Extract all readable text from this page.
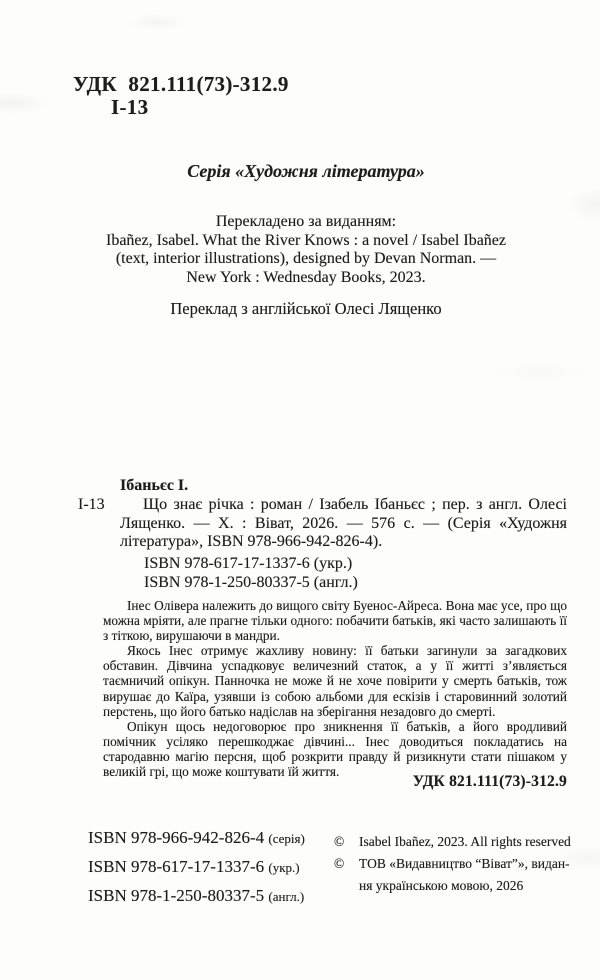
УДК 821.111(73)-312.9
І-13
Серія «Художня література»
Перекладено за виданням:
Ibañez, Isabel. What the River Knows : a novel / Isabel Ibañez
(text, interior illustrations), designed by Devan Norman. —
New York : Wednesday Books, 2023.
Переклад з англійської Олесі Лященко
Ібаньєс І.
І-13	Що знає річка : роман / Ізабель Ібаньєс ; пер. з англ. Олесі Лященко. — Х. : Віват, 2026. — 576 с. — (Серія «Художня література», ISBN 978-966-942-826-4).
ISBN 978-617-17-1337-6 (укр.)
ISBN 978-1-250-80337-5 (англ.)

Інес Олівера належить до вищого світу Буенос-Айреса. Вона має усе, про що можна мріяти, але прагне тільки одного: побачити батьків, які часто залишають її з тіткою, вирушаючи в мандри.

Якось Інес отримує жахливу новину: її батьки загинули за загадкових обставин. Дівчина успадковує величезний статок, а у її житті з’являється таємничий опікун. Панночка не може й не хоче повірити у смерть батьків, тож вирушає до Каїра, узявши із собою альбоми для ескізів і старовинний золотий перстень, що його батько надіслав на зберігання незадовго до смерті.

Опікун щось недоговорює про зникнення її батьків, а його вродливий помічник усіляко перешкоджає дівчині... Інес доводиться покладатись на стародавню магію персня, щоб розкрити правду й ризикнути стати пішаком у великій грі, що може коштувати їй життя.

УДК 821.111(73)-312.9
ISBN 978-966-942-826-4 (серія)
ISBN 978-617-17-1337-6 (укр.)
ISBN 978-1-250-80337-5 (англ.)
©	Isabel Ibañez, 2023. All rights reserved
©	ТОВ «Видавництво “Віват”», видан-
ня українською мовою, 2026
